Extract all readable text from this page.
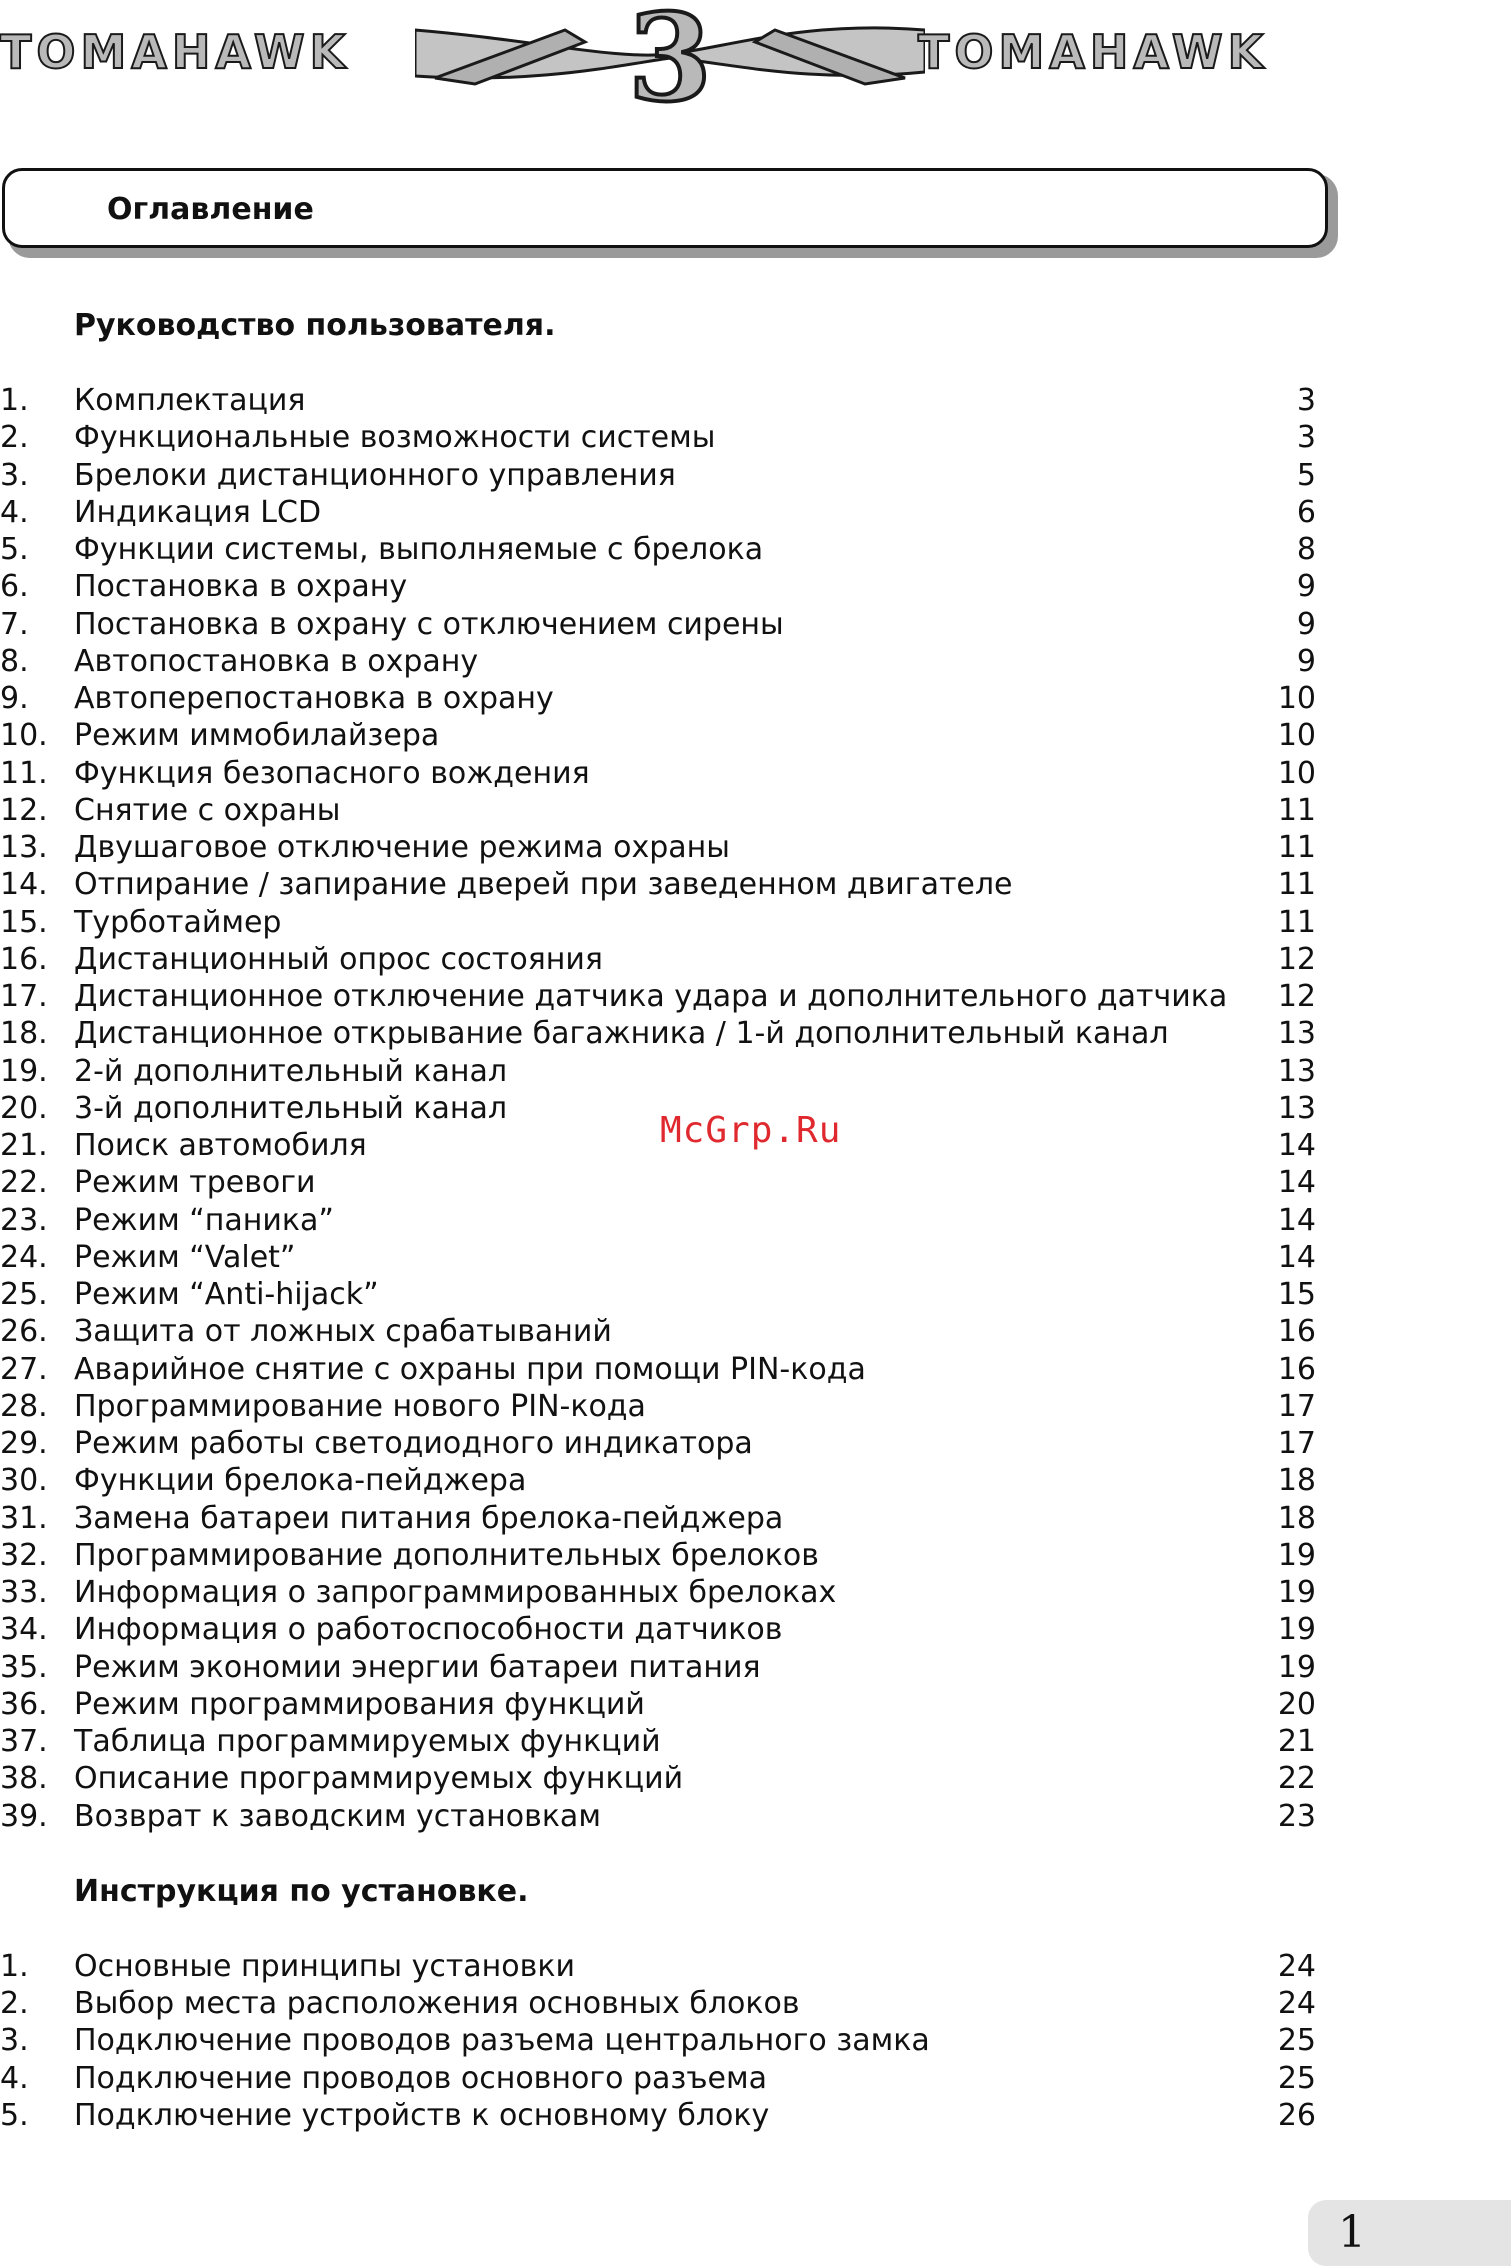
TOMAHAWK 3	TOMAHAWK
Оглавление
Руководство пользователя.
1. Комплектация	3
2. Функциональные возможности системы	3
3. Брелоки дистанционного управления	5
4. Индикация LCD	6
5. Функции системы, выполняемые с брелока	8
6. Постановка в охрану	9
7. Постановка в охрану с отключением сирены	9
8. Автопостановка в охрану	9
9. Автоперепостановка в охрану	10
10. Режим иммобилайзера	10
11. Функция безопасного вождения	10
12. Снятие с охраны	11
13. Двушаговое отключение режима охраны	11
14. Отпирание / запирание дверей при заведенном двигателе	11
15. Турботаймер	11
16. Дистанционный опрос состояния	12
17. Дистанционное отключение датчика удара и дополнительного датчика	12
18. Дистанционное открывание багажника / 1-й дополнительный канал	13
19. 2-й дополнительный канал	13
20. 3-й дополнительный канал	13
21. Поиск автомобиля	14
22. Режим тревоги	14
23. Режим “паника”	14
24. Режим “Valet”	14
25. Режим “Anti-hijack”	15
26. Защита от ложных срабатываний	16
27. Аварийное снятие с охраны при помощи PIN-кода	16
28. Программирование нового PIN-кода	17
29. Режим работы светодиодного индикатора	17
30. Функции брелока-пейджера	18
31. Замена батареи питания брелока-пейджера	18
32. Программирование дополнительных брелоков	19
33. Информация о запрограммированных брелоках	19
34. Информация о работоспособности датчиков	19
35. Режим экономии энергии батареи питания	19
36. Режим программирования функций	20
37. Таблица программируемых функций	21
38. Описание программируемых функций	22
39. Возврат к заводским установкам	23
Инструкция по установке.
1. Основные принципы установки	24
2. Выбор места расположения основных блоков	24
3. Подключение проводов разъема центрального замка	25
4. Подключение проводов основного разъема	25
5. Подключение устройств к основному блоку	26
McGrp.Ru
1
